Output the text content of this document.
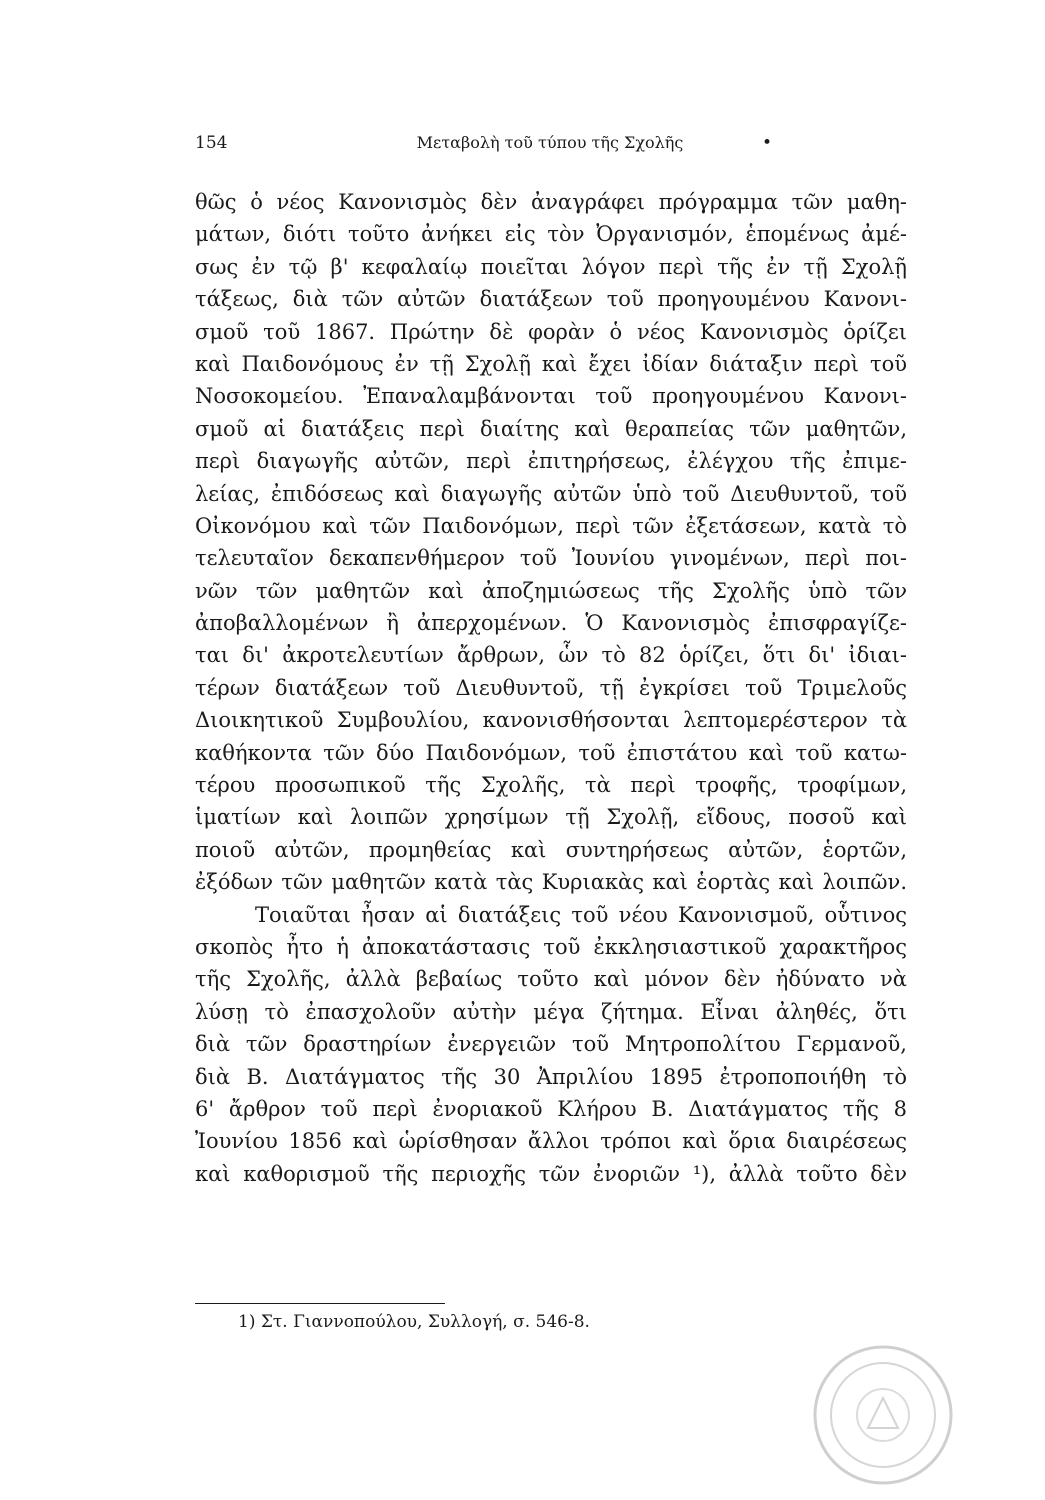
154	Μεταβολὴ τοῦ τύπου τῆς Σχολῆς	•
θῶς ὁ νέος Κανονισμὸς δὲν ἀναγράφει πρόγραμμα τῶν μαθη-
μάτων, διότι τοῦτο ἀνήκει εἰς τὸν Ὀργανισμόν, ἑπομένως ἀμέ-
σως ἐν τῷ β' κεφαλαίῳ ποιεῖται λόγον περὶ τῆς ἐν τῇ Σχολῇ
τάξεως, διὰ τῶν αὐτῶν διατάξεων τοῦ προηγουμένου Κανονι-
σμοῦ τοῦ 1867. Πρώτην δὲ φορὰν ὁ νέος Κανονισμὸς ὁρίζει
καὶ Παιδονόμους ἐν τῇ Σχολῇ καὶ ἔχει ἰδίαν διάταξιν περὶ τοῦ
Νοσοκομείου. Ἐπαναλαμβάνονται τοῦ προηγουμένου Κανονι-
σμοῦ αἱ διατάξεις περὶ διαίτης καὶ θεραπείας τῶν μαθητῶν,
περὶ διαγωγῆς αὐτῶν, περὶ ἐπιτηρήσεως, ἐλέγχου τῆς ἐπιμε-
λείας, ἐπιδόσεως καὶ διαγωγῆς αὐτῶν ὑπὸ τοῦ Διευθυντοῦ, τοῦ
Οἰκονόμου καὶ τῶν Παιδονόμων, περὶ τῶν ἐξετάσεων, κατὰ τὸ
τελευταῖον δεκαπενθήμερον τοῦ Ἰουνίου γινομένων, περὶ ποι-
νῶν τῶν μαθητῶν καὶ ἀποζημιώσεως τῆς Σχολῆς ὑπὸ τῶν
ἀποβαλλομένων ἢ ἀπερχομένων. Ὁ Κανονισμὸς ἐπισφραγίζε-
ται δι' ἀκροτελευτίων ἄρθρων, ὧν τὸ 82 ὁρίζει, ὅτι δι' ἰδιαι-
τέρων διατάξεων τοῦ Διευθυντοῦ, τῇ ἐγκρίσει τοῦ Τριμελοῦς
Διοικητικοῦ Συμβουλίου, κανονισθήσονται λεπτομερέστερον τὰ
καθήκοντα τῶν δύο Παιδονόμων, τοῦ ἐπιστάτου καὶ τοῦ κατω-
τέρου προσωπικοῦ τῆς Σχολῆς, τὰ περὶ τροφῆς, τροφίμων,
ἱματίων καὶ λοιπῶν χρησίμων τῇ Σχολῇ, εἴδους, ποσοῦ καὶ
ποιοῦ αὐτῶν, προμηθείας καὶ συντηρήσεως αὐτῶν, ἑορτῶν,
ἐξόδων τῶν μαθητῶν κατὰ τὰς Κυριακὰς καὶ ἑορτὰς καὶ λοιπῶν.
Τοιαῦται ἦσαν αἱ διατάξεις τοῦ νέου Κανονισμοῦ, οὗτινος
σκοπὸς ἦτο ἡ ἀποκατάστασις τοῦ ἐκκλησιαστικοῦ χαρακτῆρος
τῆς Σχολῆς, ἀλλὰ βεβαίως τοῦτο καὶ μόνον δὲν ἠδύνατο νὰ
λύσῃ τὸ ἐπασχολοῦν αὐτὴν μέγα ζήτημα. Εἶναι ἀληθές, ὅτι
διὰ τῶν δραστηρίων ἐνεργειῶν τοῦ Μητροπολίτου Γερμανοῦ,
διὰ Β. Διατάγματος τῆς 30 Ἀπριλίου 1895 ἐτροποποιήθη τὸ
6' ἄρθρον τοῦ περὶ ἐνοριακοῦ Κλήρου Β. Διατάγματος τῆς 8
Ἰουνίου 1856 καὶ ὡρίσθησαν ἄλλοι τρόποι καὶ ὅρια διαιρέσεως
καὶ καθορισμοῦ τῆς περιοχῆς τῶν ἐνοριῶν ¹), ἀλλὰ τοῦτο δὲν
1) Στ. Γιαννοπούλου, Συλλογή, σ. 546-8.
